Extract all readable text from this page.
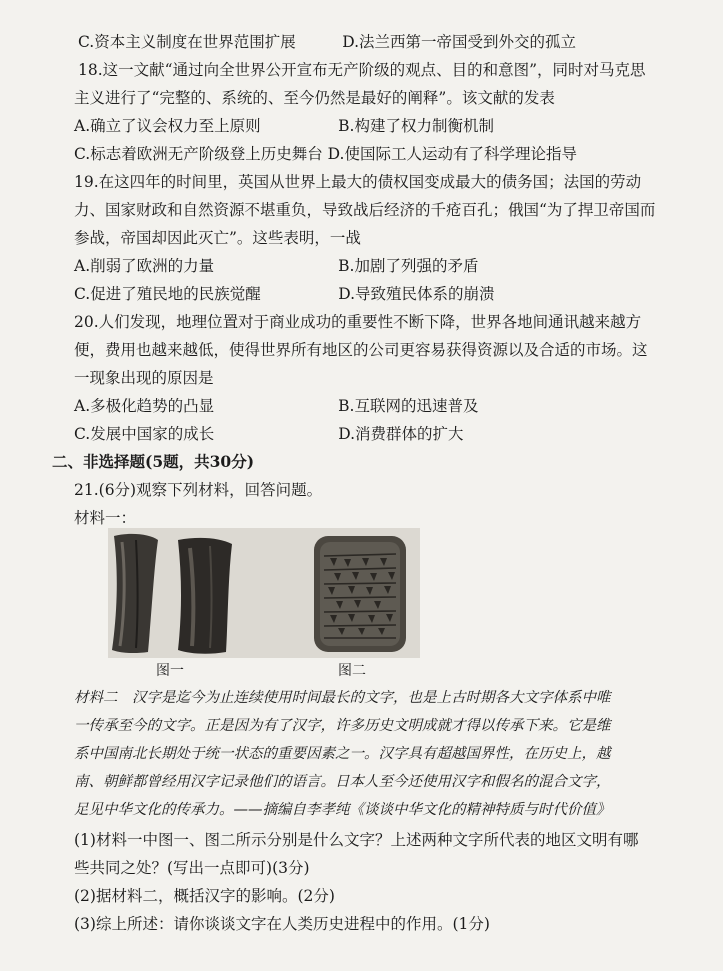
C.资本主义制度在世界范围扩展　　　D.法兰西第一帝国受到外交的孤立
18.这一文献“通过向全世界公开宣布无产阶级的观点、目的和意图”，同时对马克思
主义进行了“完整的、系统的、至今仍然是最好的阐释”。该文献的发表
A.确立了议会权力至上原则　　　　　B.构建了权力制衡机制
C.标志着欧洲无产阶级登上历史舞台 D.使国际工人运动有了科学理论指导
19.在这四年的时间里，英国从世界上最大的债权国变成最大的债务国；法国的劳动
力、国家财政和自然资源不堪重负，导致战后经济的千疮百孔；俄国“为了捍卫帝国而
参战，帝国却因此灭亡”。这些表明，一战
A.削弱了欧洲的力量　　　　　　　　B.加剧了列强的矛盾
C.促进了殖民地的民族觉醒　　　　　D.导致殖民体系的崩溃
20.人们发现，地理位置对于商业成功的重要性不断下降，世界各地间通讯越来越方
便，费用也越来越低，使得世界所有地区的公司更容易获得资源以及合适的市场。这
一现象出现的原因是
A.多极化趋势的凸显　　　　　　　　B.互联网的迅速普及
C.发展中国家的成长　　　　　　　　D.消费群体的扩大
二、非选择题(5题，共30分)
21.(6分)观察下列材料，回答问题。
材料一：
图一	图二
材料二　汉字是迄今为止连续使用时间最长的文字，也是上古时期各大文字体系中唯
一传承至今的文字。正是因为有了汉字，许多历史文明成就才得以传承下来。它是维
系中国南北长期处于统一状态的重要因素之一。汉字具有超越国界性，在历史上，越
南、朝鲜都曾经用汉字记录他们的语言。日本人至今还使用汉字和假名的混合文字，
足见中华文化的传承力。——摘编自李孝纯《谈谈中华文化的精神特质与时代价值》
(1)材料一中图一、图二所示分别是什么文字？上述两种文字所代表的地区文明有哪
些共同之处？(写出一点即可)(3分)
(2)据材料二，概括汉字的影响。(2分)
(3)综上所述：请你谈谈文字在人类历史进程中的作用。(1分)
